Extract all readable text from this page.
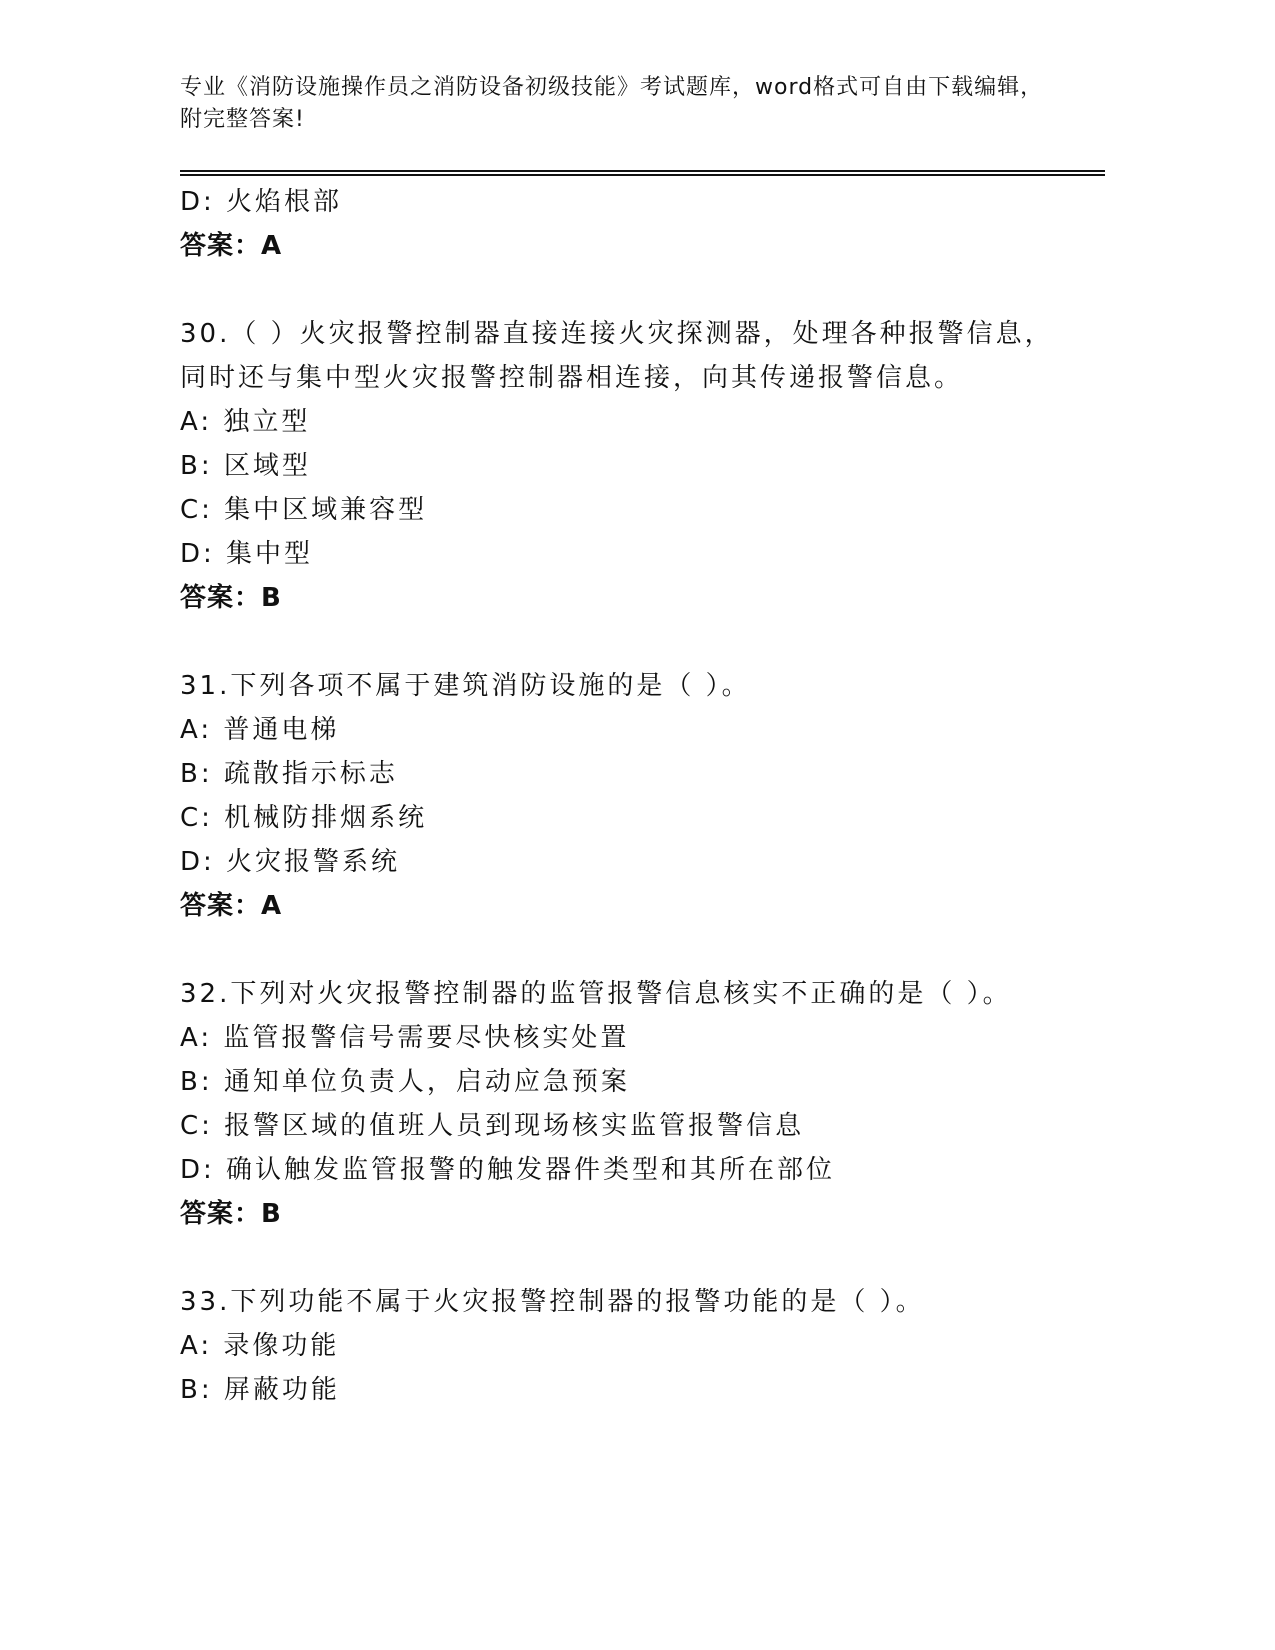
专业《消防设施操作员之消防设备初级技能》考试题库，word格式可自由下载编辑，附完整答案!
D: 火焰根部
答案：A
30.（ ）火灾报警控制器直接连接火灾探测器，处理各种报警信息，同时还与集中型火灾报警控制器相连接，向其传递报警信息。
A: 独立型
B: 区域型
C: 集中区域兼容型
D: 集中型
答案：B
31.下列各项不属于建筑消防设施的是（ ）。
A: 普通电梯
B: 疏散指示标志
C: 机械防排烟系统
D: 火灾报警系统
答案：A
32.下列对火灾报警控制器的监管报警信息核实不正确的是（ ）。
A: 监管报警信号需要尽快核实处置
B: 通知单位负责人，启动应急预案
C: 报警区域的值班人员到现场核实监管报警信息
D: 确认触发监管报警的触发器件类型和其所在部位
答案：B
33.下列功能不属于火灾报警控制器的报警功能的是（ ）。
A: 录像功能
B: 屏蔽功能
